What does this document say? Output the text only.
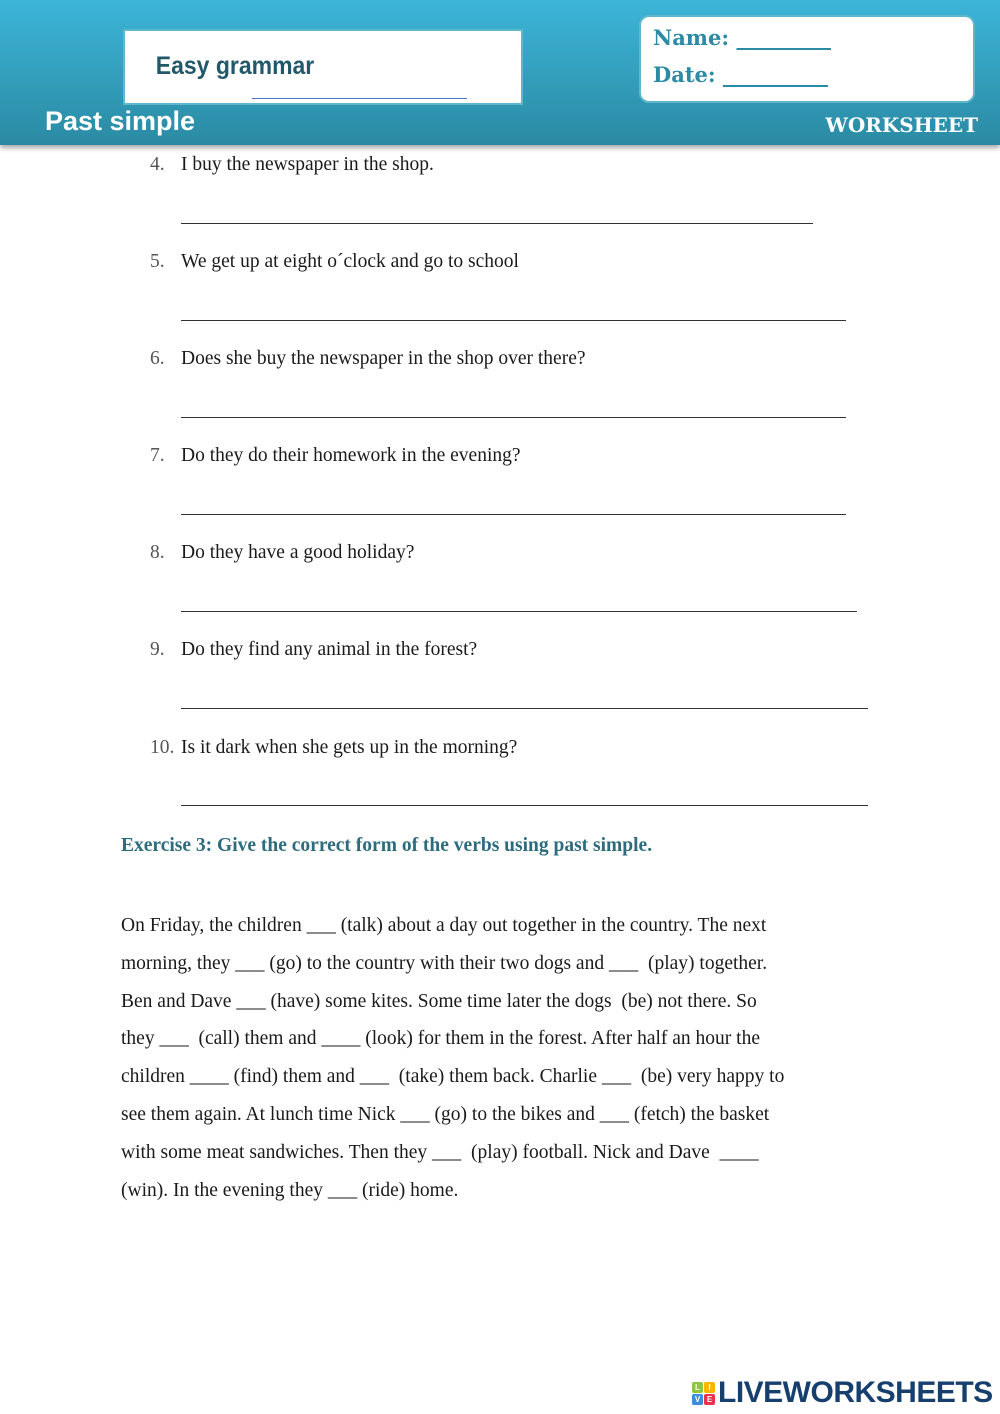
Easy grammar
Name: _________
Date: __________
Past simple	WORKSHEET
4. I buy the newspaper in the shop.
5. We get up at eight o´clock and go to school
6. Does she buy the newspaper in the shop over there?
7. Do they do their homework in the evening?
8. Do they have a good holiday?
9. Do they find any animal in the forest?
10. Is it dark when she gets up in the morning?
Exercise 3: Give the correct form of the verbs using past simple.
On Friday, the children ___ (talk) about a day out together in the country. The next
morning, they ___ (go) to the country with their two dogs and ___  (play) together.
Ben and Dave ___ (have) some kites. Some time later the dogs  (be) not there. So
they ___  (call) them and ____ (look) for them in the forest. After half an hour the
children ____ (find) them and ___  (take) them back. Charlie ___  (be) very happy to
see them again. At lunch time Nick ___ (go) to the bikes and ___ (fetch) the basket
with some meat sandwiches. Then they ___  (play) football. Nick and Dave  ____
(win). In the evening they ___ (ride) home.
L	I
V E LIVEWORKSHEETS
